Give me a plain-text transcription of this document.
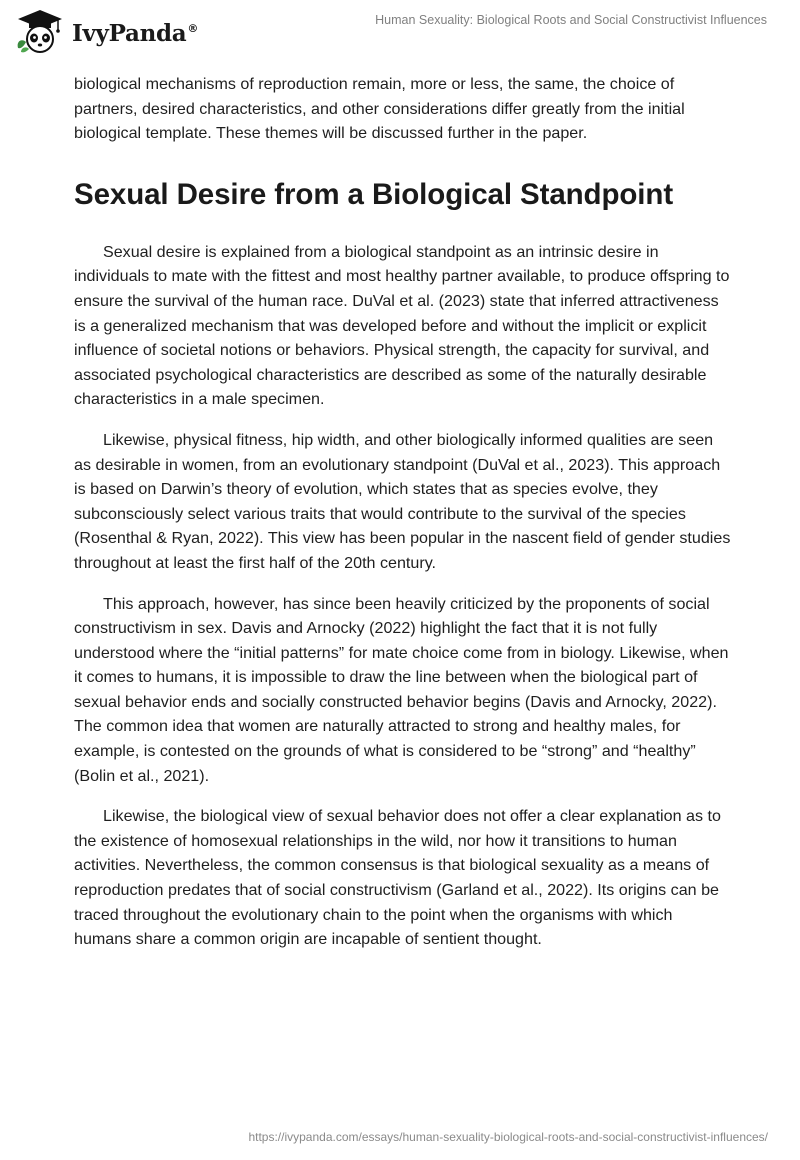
IvyPanda®
Human Sexuality: Biological Roots and Social Constructivist Influences

biological mechanisms of reproduction remain, more or less, the same, the choice of partners, desired characteristics, and other considerations differ greatly from the initial biological template. These themes will be discussed further in the paper.

Sexual Desire from a Biological Standpoint

Sexual desire is explained from a biological standpoint as an intrinsic desire in individuals to mate with the fittest and most healthy partner available, to produce offspring to ensure the survival of the human race. DuVal et al. (2023) state that inferred attractiveness is a generalized mechanism that was developed before and without the implicit or explicit influence of societal notions or behaviors. Physical strength, the capacity for survival, and associated psychological characteristics are described as some of the naturally desirable characteristics in a male specimen.

Likewise, physical fitness, hip width, and other biologically informed qualities are seen as desirable in women, from an evolutionary standpoint (DuVal et al., 2023). This approach is based on Darwin’s theory of evolution, which states that as species evolve, they subconsciously select various traits that would contribute to the survival of the species (Rosenthal & Ryan, 2022). This view has been popular in the nascent field of gender studies throughout at least the first half of the 20th century.

This approach, however, has since been heavily criticized by the proponents of social constructivism in sex. Davis and Arnocky (2022) highlight the fact that it is not fully understood where the “initial patterns” for mate choice come from in biology. Likewise, when it comes to humans, it is impossible to draw the line between when the biological part of sexual behavior ends and socially constructed behavior begins (Davis and Arnocky, 2022). The common idea that women are naturally attracted to strong and healthy males, for example, is contested on the grounds of what is considered to be “strong” and “healthy” (Bolin et al., 2021).

Likewise, the biological view of sexual behavior does not offer a clear explanation as to the existence of homosexual relationships in the wild, nor how it transitions to human activities. Nevertheless, the common consensus is that biological sexuality as a means of reproduction predates that of social constructivism (Garland et al., 2022). Its origins can be traced throughout the evolutionary chain to the point when the organisms with which humans share a common origin are incapable of sentient thought.

https://ivypanda.com/essays/human-sexuality-biological-roots-and-social-constructivist-influences/
